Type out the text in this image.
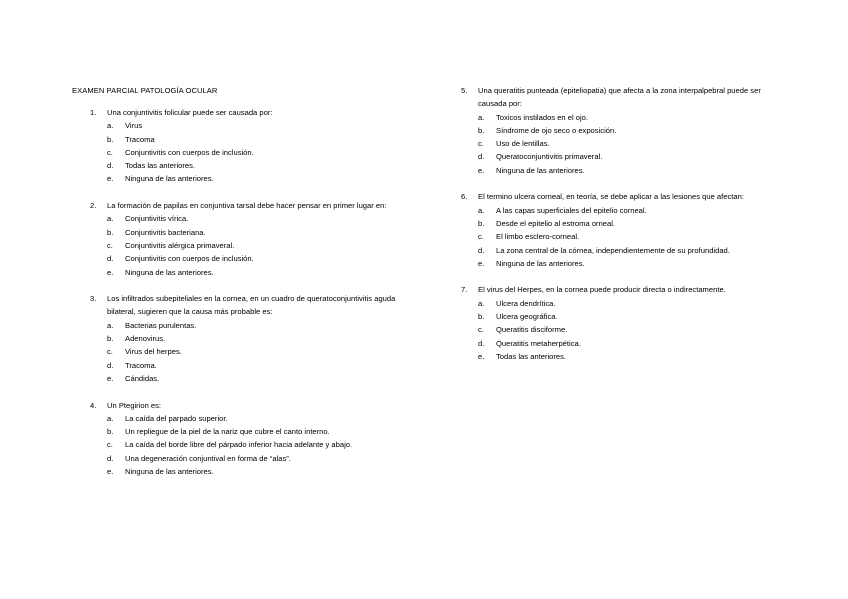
EXAMEN PARCIAL PATOLOGÍA OCULAR
1.	Una conjuntivitis folicular puede ser causada por:
a.	Virus
b.	Tracoma
c.	Conjuntivitis con cuerpos de inclusión.
d.	Todas las anteriores.
e.	Ninguna de las anteriores.
2.	La formación de papilas en conjuntiva tarsal debe hacer pensar en primer lugar en:
a.	Conjuntivitis vírica.
b.	Conjuntivitis bacteriana.
c.	Conjuntivitis alérgica primaveral.
d.	Conjuntivitis con cuerpos de inclusión.
e.	Ninguna de las anteriores.
3.	Los infiltrados subepiteliales en la cornea, en un cuadro de queratoconjuntivitis aguda bilateral, sugieren que la causa más probable es:
a.	Bacterias purulentas.
b.	Adenovirus.
c.	Virus del herpes.
d.	Tracoma.
e.	Cándidas.
4.	Un Ptegirion es:
a.	La caída del parpado superior.
b.	Un repliegue de la piel de la nariz que cubre el canto interno.
c.	La caída del borde libre del párpado inferior hacia adelante y abajo.
d.	Una degeneración conjuntival en forma de “alas”.
e.	Ninguna de las anteriores.
5.	Una queratitis punteada (epiteliopatia) que afecta a la zona interpalpebral puede ser causada por:
a.	Toxicos instilados en el ojo.
b.	Síndrome de ojo seco o exposición.
c.	Uso de lentillas.
d.	Queratoconjuntivitis primaveral.
e.	Ninguna de las anteriores.
6.	El termino ulcera corneal, en teoría, se debe aplicar a las lesiones que afectan:
a.	A las capas superficiales del epitelio corneal.
b.	Desde el epitelio al estroma orneal.
c.	El limbo esclero-corneal.
d.	La zona central de la córnea, independientemente de su profundidad.
e.	Ninguna de las anteriores.
7.	El virus del Herpes, en la cornea puede producir directa o indirectamente.
a.	Ulcera dendrítica.
b.	Ulcera geográfica.
c.	Queratitis disciforme.
d.	Queratitis metaherpética.
e.	Todas las anteriores.
